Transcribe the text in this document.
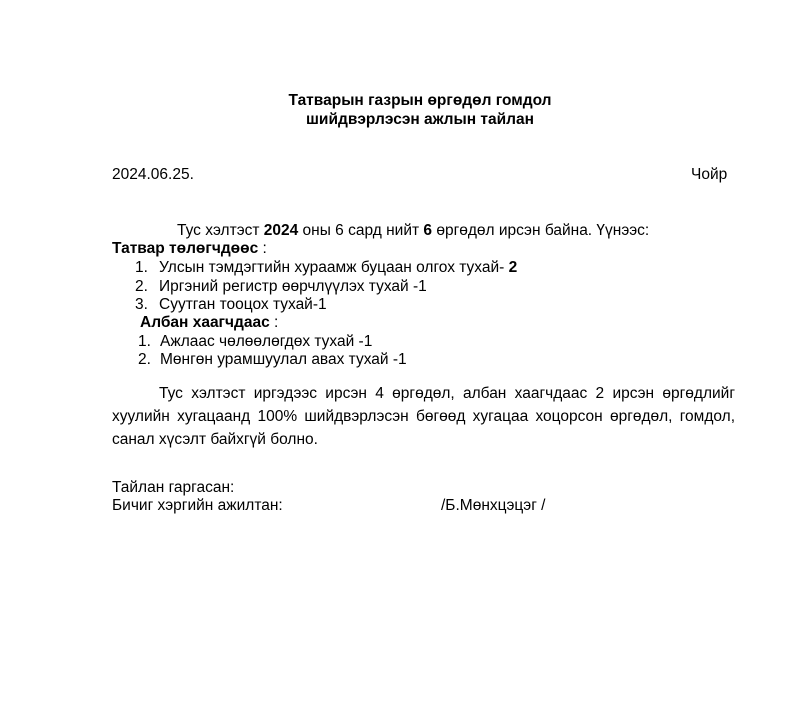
Татварын газрын өргөдөл гомдол
шийдвэрлэсэн ажлын тайлан
2024.06.25.	Чойр
Тус хэлтэст 2024 оны 6 сард нийт 6 өргөдөл ирсэн байна. Үүнээс:
Татвар төлөгчдөөс :
1. Улсын тэмдэгтийн хураамж буцаан олгох тухай- 2
2. Иргэний регистр өөрчлүүлэх тухай -1
3. Суутган тооцох тухай-1
Албан хаагчдаас :
1. Ажлаас чөлөөлөгдөх тухай -1
2. Мөнгөн урамшуулал авах тухай -1
Тус хэлтэст иргэдээс ирсэн 4 өргөдөл, албан хаагчдаас 2 ирсэн өргөдлийг хуулийн хугацаанд 100% шийдвэрлэсэн бөгөөд хугацаа хоцорсон өргөдөл, гомдол, санал хүсэлт байхгүй болно.
Тайлан гаргасан:
Бичиг хэргийн ажилтан:	/Б.Мөнхцэцэг /
